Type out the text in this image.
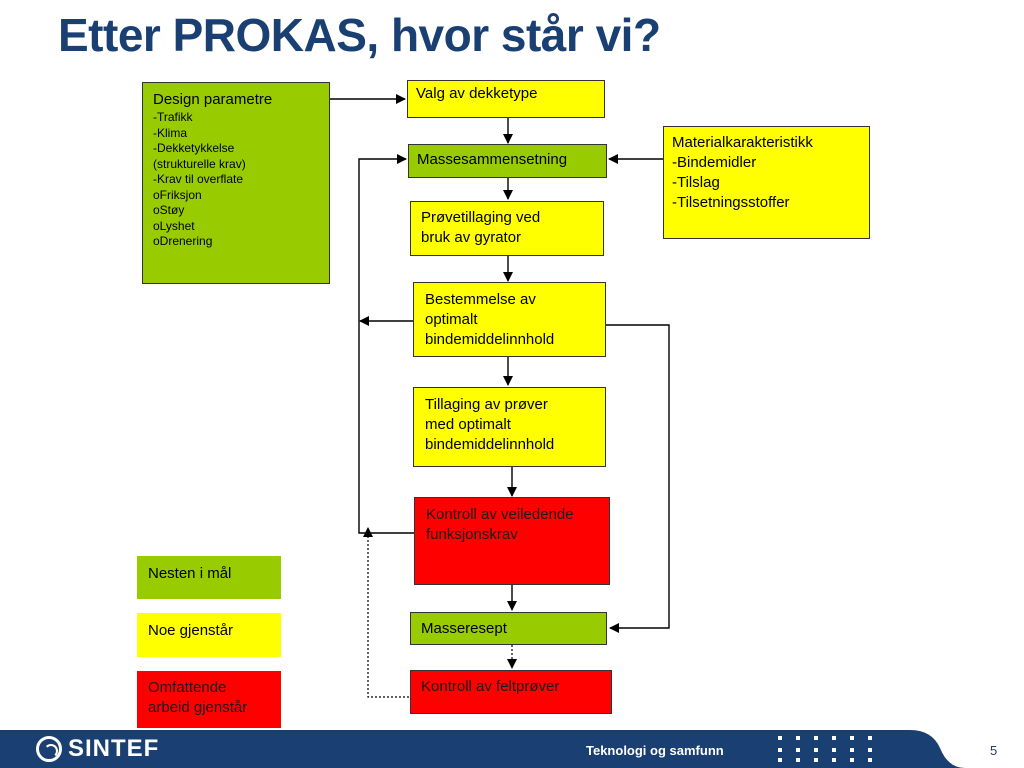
Etter PROKAS, hvor står vi?
Design parametre
-Trafikk
-Klima
-Dekketykkelse
(strukturelle krav)
-Krav til overflate
oFriksjon
oStøy
oLyshet
oDrenering
Valg av dekketype
Massesammensetning
Materialkarakteristikk
-Bindemidler
-Tilslag
-Tilsetningsstoffer
Prøvetillaging ved
bruk av gyrator
Bestemmelse av
optimalt
bindemiddelinnhold
Tillaging av prøver
med optimalt
bindemiddelinnhold
Kontroll av veiledende
funksjonskrav
Masseresept
Kontroll av feltprøver
Nesten i mål
Noe gjenstår
Omfattende
arbeid gjenstår
SINTEF	Teknologi og samfunn	5
